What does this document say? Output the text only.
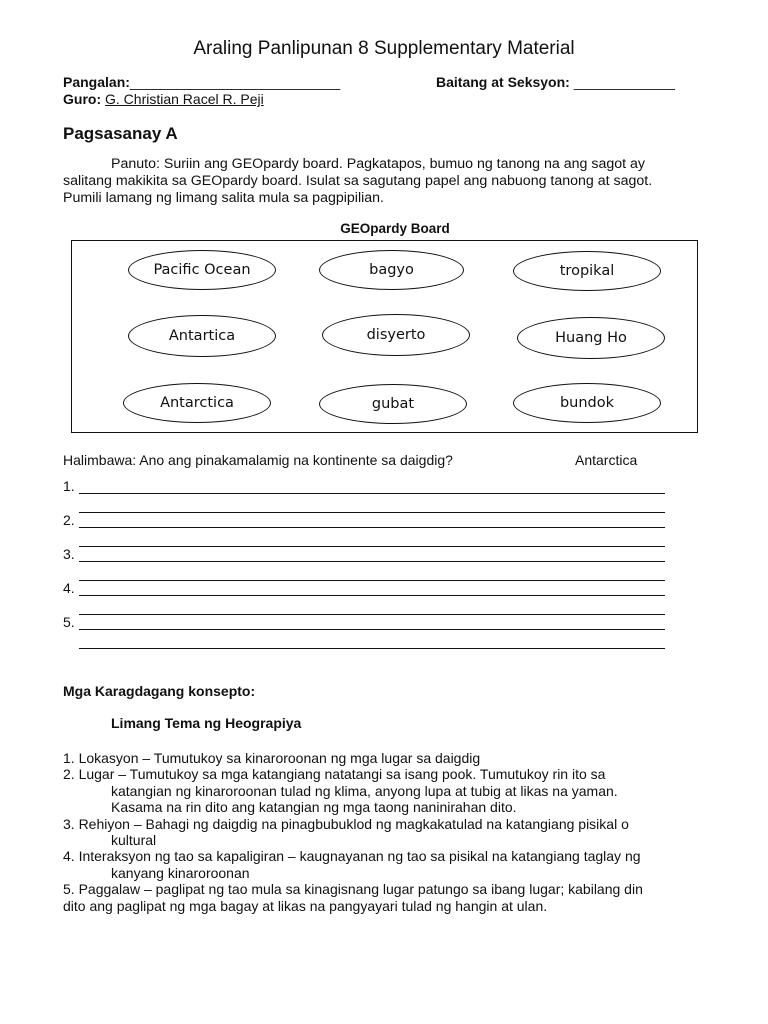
Araling Panlipunan 8 Supplementary Material
Pangalan:___________________________	Baitang at Seksyon: _____________
Guro: G. Christian Racel R. Peji
Pagsasanay A
Panuto: Suriin ang GEOpardy board. Pagkatapos, bumuo ng tanong na ang sagot ay
salitang makikita sa GEOpardy board. Isulat sa sagutang papel ang nabuong tanong at sagot.
Pumili lamang ng limang salita mula sa pagpipilian.
GEOpardy Board
Pacific Ocean	bagyo	tropikal
Antartica	disyerto	Huang Ho
Antarctica	gubat	bundok
Halimbawa: Ano ang pinakamalamig na kontinente sa daigdig?	Antarctica
1.
2.
3.
4.
5.
Mga Karagdagang konsepto:
Limang Tema ng Heograpiya
1. Lokasyon – Tumutukoy sa kinaroroonan ng mga lugar sa daigdig
2. Lugar – Tumutukoy sa mga katangiang natatangi sa isang pook. Tumutukoy rin ito sa
katangian ng kinaroroonan tulad ng klima, anyong lupa at tubig at likas na yaman.
Kasama na rin dito ang katangian ng mga taong naninirahan dito.
3. Rehiyon – Bahagi ng daigdig na pinagbubuklod ng magkakatulad na katangiang pisikal o
kultural
4. Interaksyon ng tao sa kapaligiran – kaugnayanan ng tao sa pisikal na katangiang taglay ng
kanyang kinaroroonan
5. Paggalaw – paglipat ng tao mula sa kinagisnang lugar patungo sa ibang lugar; kabilang din
dito ang paglipat ng mga bagay at likas na pangyayari tulad ng hangin at ulan.
